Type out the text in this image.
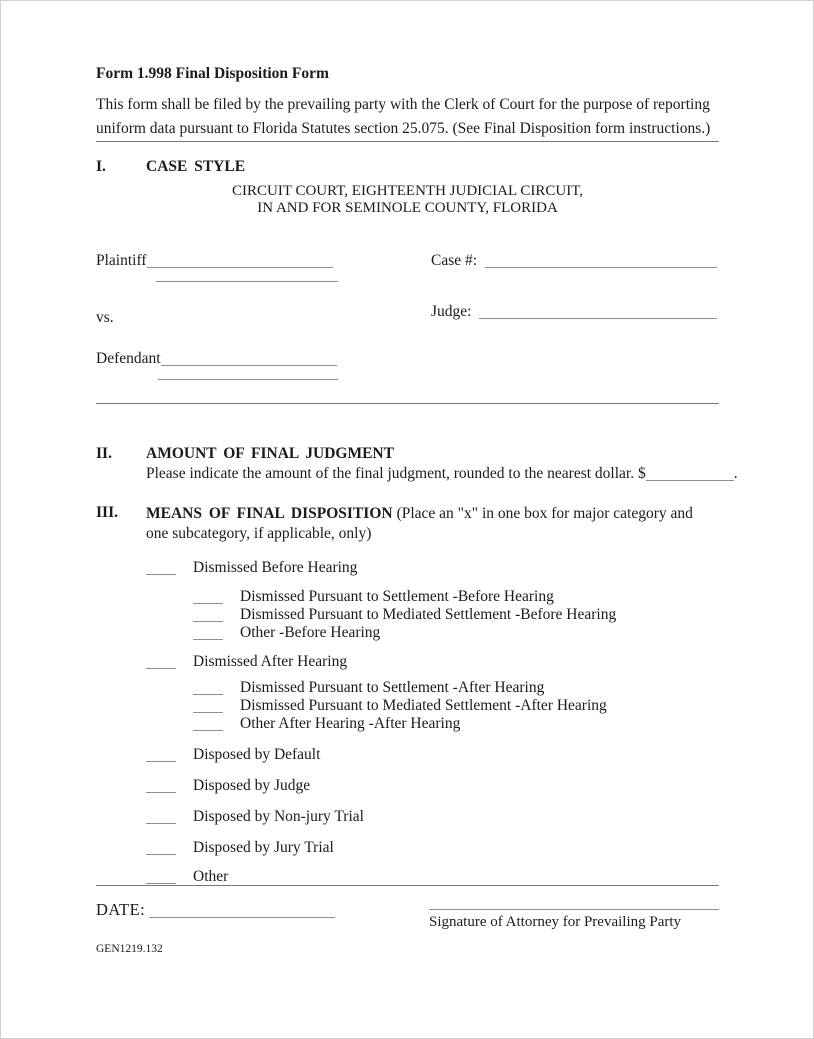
Form 1.998 Final Disposition Form

This form shall be filed by the prevailing party with the Clerk of Court for the purpose of reporting uniform data pursuant to Florida Statutes section 25.075. (See Final Disposition form instructions.)

I.	CASE STYLE
CIRCUIT COURT, EIGHTEENTH JUDICIAL CIRCUIT,
IN AND FOR SEMINOLE COUNTY, FLORIDA
Plaintiff	Case #:
Judge:
vs.
Defendant
II.	AMOUNT OF FINAL JUDGMENT
Please indicate the amount of the final judgment, rounded to the nearest dollar. $	.
III.	MEANS OF FINAL DISPOSITION (Place an "x" in one box for major category and one subcategory, if applicable, only)
Dismissed Before Hearing
Dismissed Pursuant to Settlement -Before Hearing
Dismissed Pursuant to Mediated Settlement -Before Hearing
Other -Before Hearing
Dismissed After Hearing
Dismissed Pursuant to Settlement -After Hearing
Dismissed Pursuant to Mediated Settlement -After Hearing
Other After Hearing -After Hearing
Disposed by Default
Disposed by Judge
Disposed by Non-jury Trial
Disposed by Jury Trial
Other
DATE:
Signature of Attorney for Prevailing Party
GEN1219.132
